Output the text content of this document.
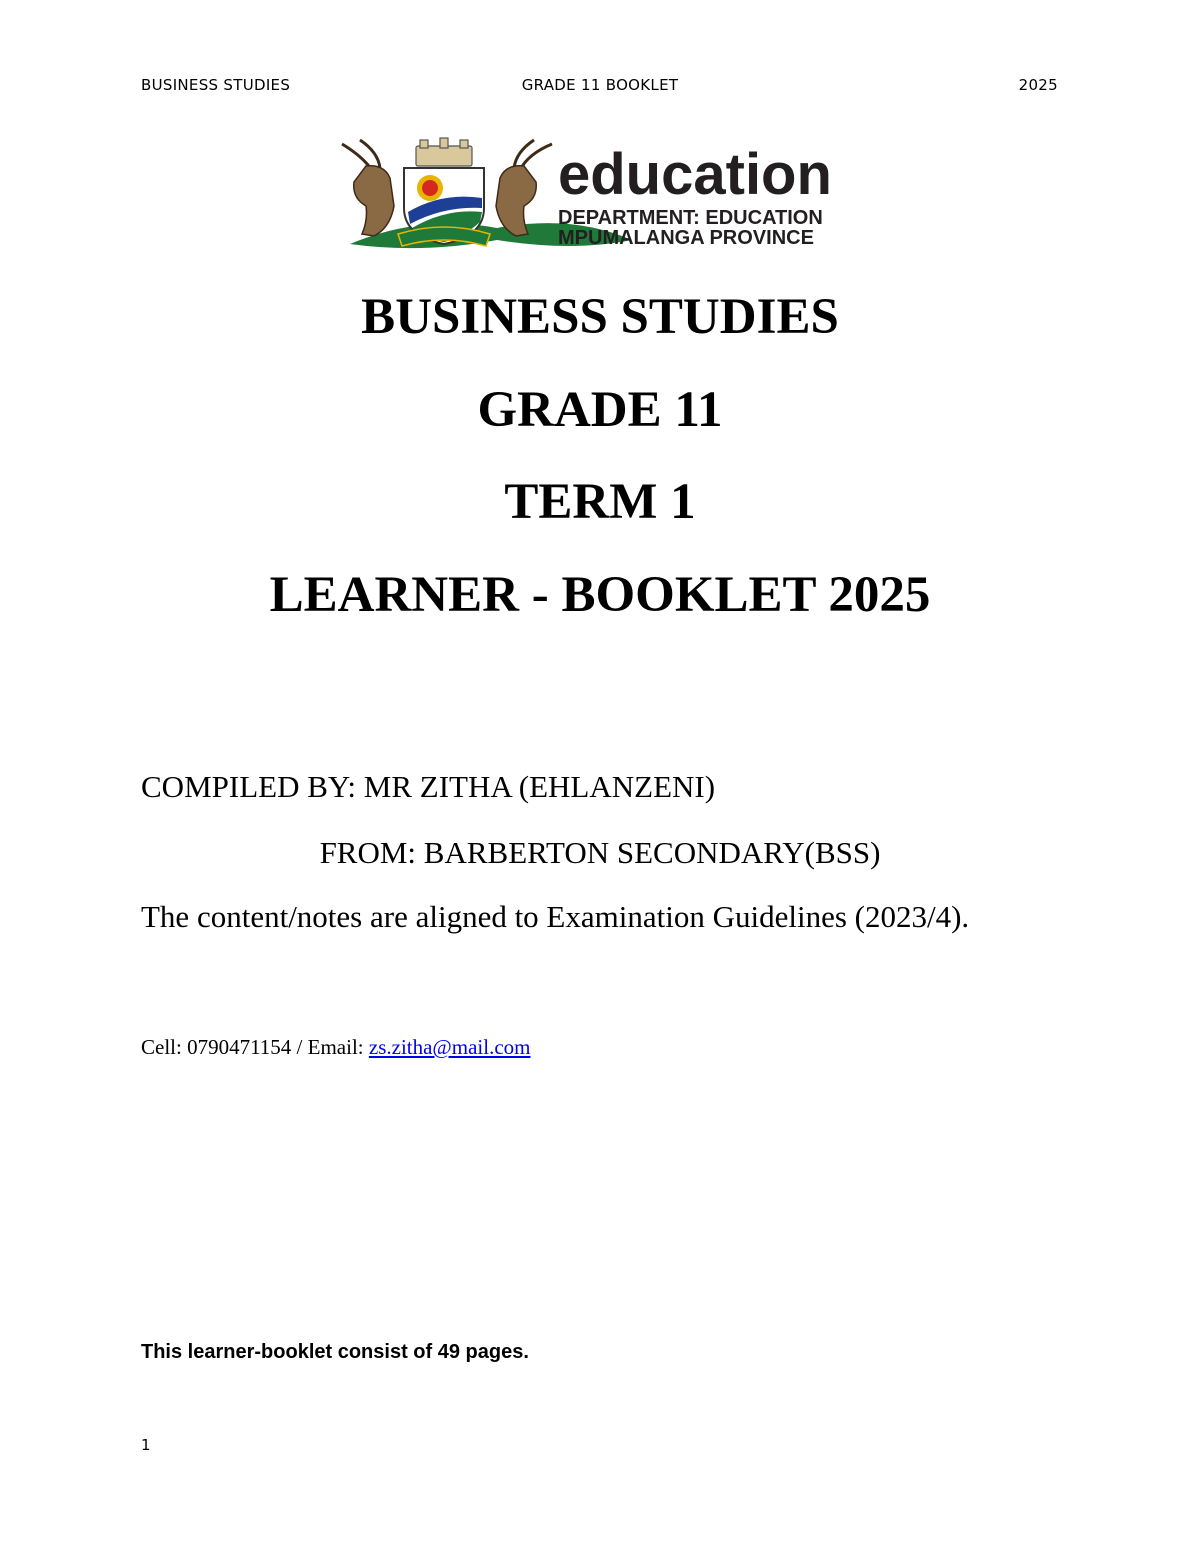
BUSINESS STUDIES	GRADE 11 BOOKLET	2025
education
DEPARTMENT: EDUCATION
MPUMALANGA PROVINCE
BUSINESS STUDIES
GRADE 11
TERM 1
LEARNER - BOOKLET 2025
COMPILED BY: MR ZITHA (EHLANZENI)
FROM: BARBERTON SECONDARY(BSS)
The content/notes are aligned to Examination Guidelines (2023/4).
Cell: 0790471154 / Email: zs.zitha@mail.com
This learner-booklet consist of 49 pages.
1
